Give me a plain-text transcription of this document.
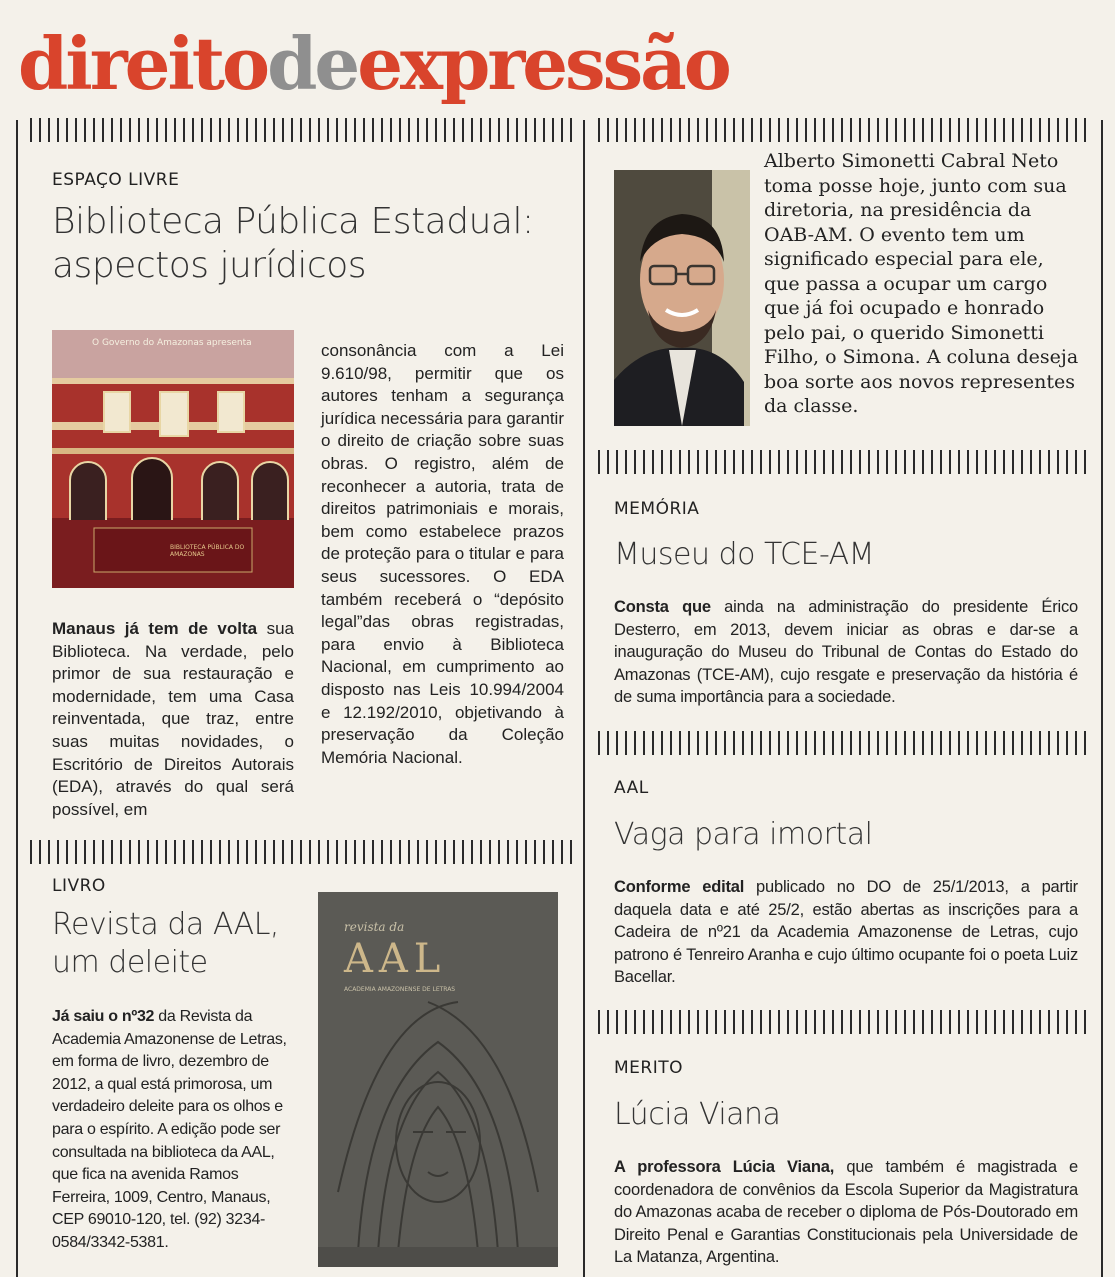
direitodeexpressão
ESPAÇO LIVRE
Biblioteca Pública Estadual:
aspectos jurídicos
O Governo do Amazonas apresenta
BIBLIOTECA PÚBLICA DO AMAZONAS
Manaus já tem de volta sua Biblioteca. Na verdade, pelo primor de sua restauração e modernidade, tem uma Casa reinventada, que traz, entre suas muitas novidades, o Escritório de Direitos Autorais (EDA), através do qual será possível, em
consonância com a Lei 9.610/98, permitir que os autores tenham a segurança jurídica necessária para garantir o direito de criação sobre suas obras. O registro, além de reconhecer a autoria, trata de direitos patrimoniais e morais, bem como estabelece prazos de proteção para o titular e para seus sucessores. O EDA também receberá o “depósito legal”das obras registradas, para envio à Biblioteca Nacional, em cumprimento ao disposto nas Leis 10.994/2004 e 12.192/2010, objetivando à preservação da Coleção Memória Nacional.
LIVRO
Revista da AAL,
um deleite
Já saiu o nº32 da Revista da Academia Amazonense de Letras, em forma de livro, dezembro de 2012, a qual está primorosa, um verdadeiro deleite para os olhos e para o espírito. A edição pode ser consultada na biblioteca da AAL, que fica na avenida Ramos Ferreira, 1009, Centro, Manaus, CEP 69010-120, tel. (92) 3234-0584/3342-5381.
revista da
AAL
ACADEMIA AMAZONENSE DE LETRAS
Alberto Simonetti Cabral Neto toma posse hoje, junto com sua diretoria, na presidência da OAB-AM. O evento tem um significado especial para ele, que passa a ocupar um cargo que já foi ocupado e honrado pelo pai, o querido Simonetti Filho, o Simona. A coluna deseja boa sorte aos novos representes da classe.
MEMÓRIA
Museu do TCE-AM
Consta que ainda na administração do presidente Érico Desterro, em 2013, devem iniciar as obras e dar-se a inauguração do Museu do Tribunal de Contas do Estado do Amazonas (TCE-AM), cujo resgate e preservação da história é de suma importância para a sociedade.
AAL
Vaga para imortal
Conforme edital publicado no DO de 25/1/2013, a partir daquela data e até 25/2, estão abertas as inscrições para a Cadeira de nº21 da Academia Amazonense de Letras, cujo patrono é Tenreiro Aranha e cujo último ocupante foi o poeta Luiz Bacellar.
MERITO
Lúcia Viana
A professora Lúcia Viana, que também é magistrada e coordenadora de convênios da Escola Superior da Magistratura do Amazonas acaba de receber o diploma de Pós-Doutorado em Direito Penal e Garantias Constitucionais pela Universidade de La Matanza, Argentina.
